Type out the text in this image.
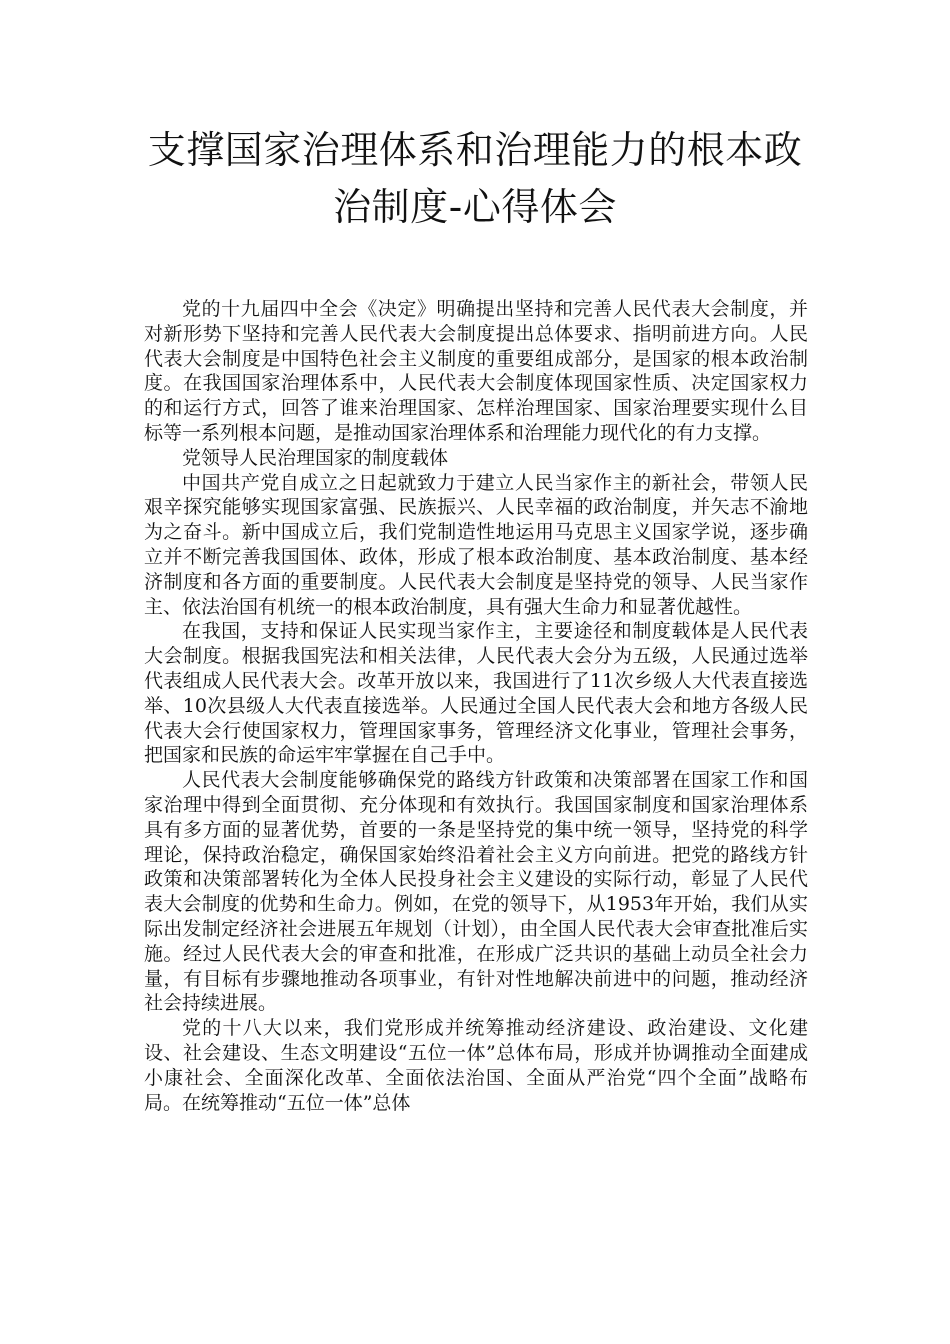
支撑国家治理体系和治理能力的根本政
治制度-心得体会

党的十九届四中全会《决定》明确提出坚持和完善人民代表大会制度，并对新形势下坚持和完善人民代表大会制度提出总体要求、指明前进方向。人民代表大会制度是中国特色社会主义制度的重要组成部分，是国家的根本政治制度。在我国国家治理体系中，人民代表大会制度体现国家性质、决定国家权力的和运行方式，回答了谁来治理国家、怎样治理国家、国家治理要实现什么目标等一系列根本问题，是推动国家治理体系和治理能力现代化的有力支撑。

党领导人民治理国家的制度载体

中国共产党自成立之日起就致力于建立人民当家作主的新社会，带领人民艰辛探究能够实现国家富强、民族振兴、人民幸福的政治制度，并矢志不渝地为之奋斗。新中国成立后，我们党制造性地运用马克思主义国家学说，逐步确立并不断完善我国国体、政体，形成了根本政治制度、基本政治制度、基本经济制度和各方面的重要制度。人民代表大会制度是坚持党的领导、人民当家作主、依法治国有机统一的根本政治制度，具有强大生命力和显著优越性。

在我国，支持和保证人民实现当家作主，主要途径和制度载体是人民代表大会制度。根据我国宪法和相关法律，人民代表大会分为五级，人民通过选举代表组成人民代表大会。改革开放以来，我国进行了11次乡级人大代表直接选举、10次县级人大代表直接选举。人民通过全国人民代表大会和地方各级人民代表大会行使国家权力，管理国家事务，管理经济文化事业，管理社会事务，把国家和民族的命运牢牢掌握在自己手中。

人民代表大会制度能够确保党的路线方针政策和决策部署在国家工作和国家治理中得到全面贯彻、充分体现和有效执行。我国国家制度和国家治理体系具有多方面的显著优势，首要的一条是坚持党的集中统一领导，坚持党的科学理论，保持政治稳定，确保国家始终沿着社会主义方向前进。把党的路线方针政策和决策部署转化为全体人民投身社会主义建设的实际行动，彰显了人民代表大会制度的优势和生命力。例如，在党的领导下，从1953年开始，我们从实际出发制定经济社会进展五年规划（计划），由全国人民代表大会审查批准后实施。经过人民代表大会的审查和批准，在形成广泛共识的基础上动员全社会力量，有目标有步骤地推动各项事业，有针对性地解决前进中的问题，推动经济社会持续进展。

党的十八大以来，我们党形成并统筹推动经济建设、政治建设、文化建设、社会建设、生态文明建设“五位一体”总体布局，形成并协调推动全面建成小康社会、全面深化改革、全面依法治国、全面从严治党“四个全面”战略布局。在统筹推动“五位一体”总体
